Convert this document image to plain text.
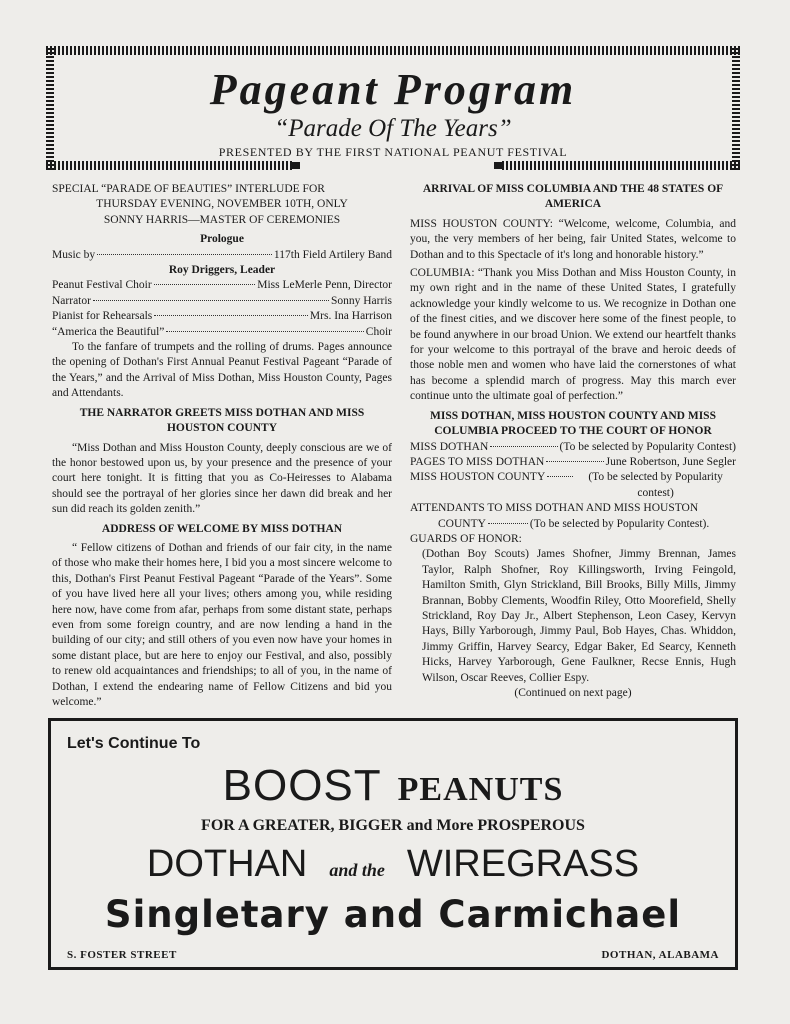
Pageant Program
“Parade Of The Years”
PRESENTED BY THE FIRST NATIONAL PEANUT FESTIVAL

SPECIAL “PARADE OF BEAUTIES” INTERLUDE FOR

THURSDAY EVENING, NOVEMBER 10TH, ONLY

SONNY HARRIS—MASTER OF CEREMONIES

Prologue

Music by	117th Field Artilery Band

Roy Driggers, Leader

Peanut Festival Choir	Miss LeMerle Penn, Director
Narrator	Sonny Harris
Pianist for Rehearsals	Mrs. Ina Harrison
“America the Beautiful”	Choir

To the fanfare of trumpets and the rolling of drums. Pages announce the opening of Dothan's First Annual Peanut Festival Pageant “Parade of the Years,” and the Arrival of Miss Dothan, Miss Houston County, Pages and Attendants.

THE NARRATOR GREETS MISS DOTHAN AND MISS HOUSTON COUNTY

“Miss Dothan and Miss Houston County, deeply conscious are we of the honor bestowed upon us, by your presence and the presence of your court here tonight. It is fitting that you as Co-Heiresses to Alabama should see the portrayal of her glories since her dawn did break and her sun did reach its golden zenith.”

ADDRESS OF WELCOME BY MISS DOTHAN

“ Fellow citizens of Dothan and friends of our fair city, in the name of those who make their homes here, I bid you a most sincere welcome to this, Dothan's First Peanut Festival Pageant “Parade of the Years”. Some of you have lived here all your lives; others among you, while residing here now, have come from afar, perhaps from some distant state, perhaps even from some foreign country, and are now lending a hand in the building of our city; and still others of you even now have your homes in some distant place, but are here to enjoy our Festival, and also, possibly to renew old acquaintances and friendships; to all of you, in the name of Dothan, I extend the endearing name of Fellow Citizens and bid you welcome.”

ARRIVAL OF MISS COLUMBIA AND THE 48 STATES OF AMERICA

MISS HOUSTON COUNTY: “Welcome, welcome, Columbia, and you, the very members of her being, fair United States, welcome to Dothan and to this Spectacle of it's long and honorable history.”

COLUMBIA: “Thank you Miss Dothan and Miss Houston County, in my own right and in the name of these United States, I gratefully acknowledge your kindly welcome to us. We recognize in Dothan one of the finest cities, and we discover here some of the finest people, to be found anywhere in our broad Union. We extend our heartfelt thanks for your welcome to this portrayal of the brave and heroic deeds of those noble men and women who have laid the cornerstones of what has become a splendid march of progress. May this march ever continue unto the ultimate goal of perfection.”

MISS DOTHAN, MISS HOUSTON COUNTY AND MISS COLUMBIA PROCEED TO THE COURT OF HONOR

MISS DOTHAN	(To be selected by Popularity Contest)
PAGES TO MISS DOTHAN	June Robertson, June Segler
MISS HOUSTON COUNTY	(To be selected by Popularity contest)

ATTENDANTS TO MISS DOTHAN AND MISS HOUSTON

COUNTY	(To be selected by Popularity Contest).

GUARDS OF HONOR:

(Dothan Boy Scouts) James Shofner, Jimmy Brennan, James Taylor, Ralph Shofner, Roy Killingsworth, Irving Feingold, Hamilton Smith, Glyn Strickland, Bill Brooks, Billy Mills, Jimmy Brannan, Bobby Clements, Woodfin Riley, Otto Moorefield, Shelly Strickland, Roy Day Jr., Albert Stephenson, Leon Casey, Kervyn Hays, Billy Yarborough, Jimmy Paul, Bob Hayes, Chas. Whiddon, Jimmy Griffin, Harvey Searcy, Edgar Baker, Ed Searcy, Kenneth Hicks, Harvey Yarborough, Gene Faulkner, Recse Ennis, Hugh Wilson, Oscar Reeves, Collier Espy.

(Continued on next page)

Let's Continue To
BOOST PEANUTS
FOR A GREATER, BIGGER and More PROSPEROUS
DOTHAN and the WIREGRASS
Singletary and Carmichael
S. FOSTER STREET	DOTHAN, ALABAMA
